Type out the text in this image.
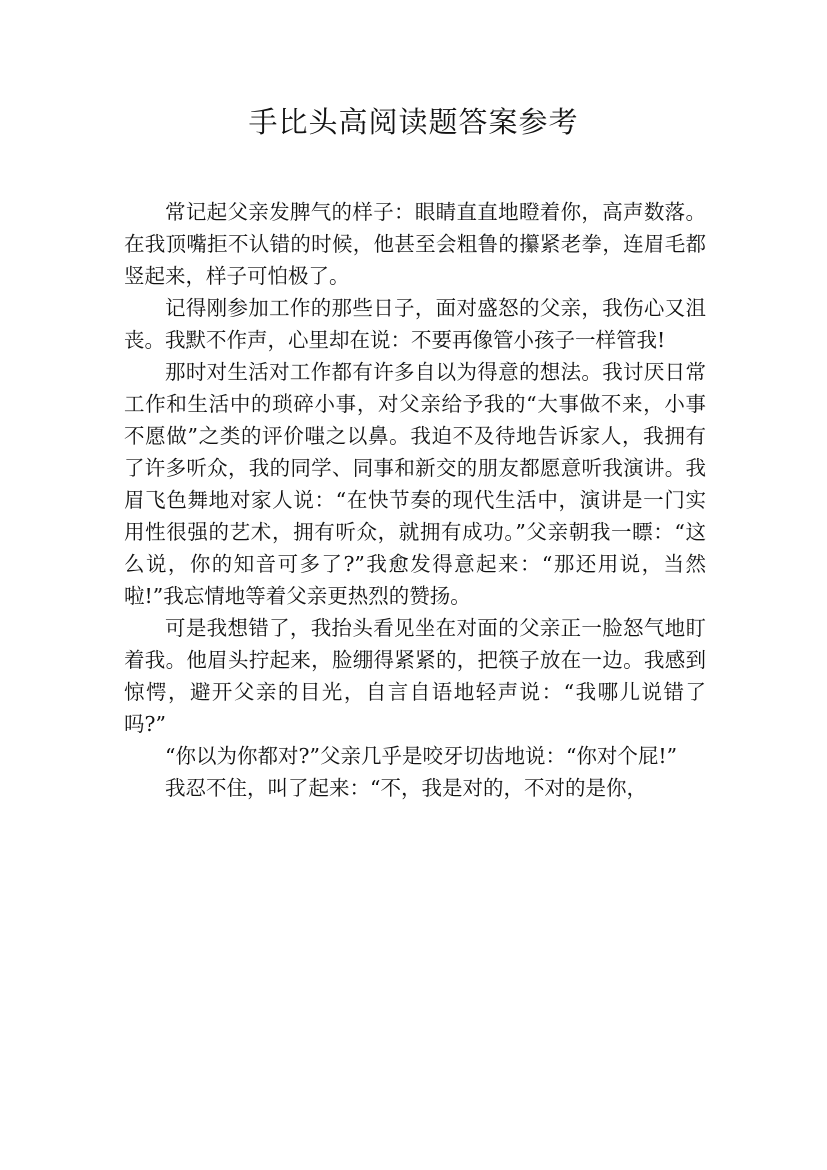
手比头高阅读题答案参考

常记起父亲发脾气的样子：眼睛直直地瞪着你，高声数落。在我顶嘴拒不认错的时候，他甚至会粗鲁的攥紧老拳，连眉毛都竖起来，样子可怕极了。

记得刚参加工作的那些日子，面对盛怒的父亲，我伤心又沮丧。我默不作声，心里却在说：不要再像管小孩子一样管我!

那时对生活对工作都有许多自以为得意的想法。我讨厌日常工作和生活中的琐碎小事，对父亲给予我的“大事做不来，小事不愿做”之类的评价嗤之以鼻。我迫不及待地告诉家人，我拥有了许多听众，我的同学、同事和新交的朋友都愿意听我演讲。我眉飞色舞地对家人说：“在快节奏的现代生活中，演讲是一门实用性很强的艺术，拥有听众，就拥有成功。”父亲朝我一瞟：“这么说，你的知音可多了?”我愈发得意起来：“那还用说，当然啦!”我忘情地等着父亲更热烈的赞扬。

可是我想错了，我抬头看见坐在对面的父亲正一脸怒气地盯着我。他眉头拧起来，脸绷得紧紧的，把筷子放在一边。我感到惊愕，避开父亲的目光，自言自语地轻声说：“我哪儿说错了吗?”

“你以为你都对?”父亲几乎是咬牙切齿地说：“你对个屁!”

我忍不住，叫了起来：“不，我是对的，不对的是你，
